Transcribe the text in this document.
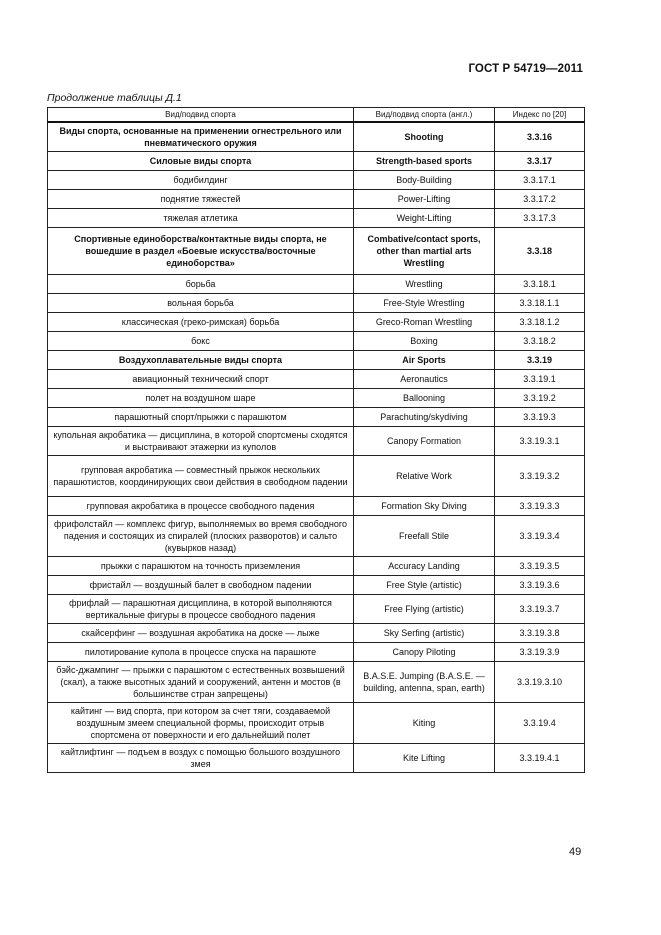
ГОСТ Р 54719—2011
Продолжение таблицы Д.1
Вид/подвид спорта	Вид/подвид спорта (англ.)	Индекс по [20]
Виды спорта, основанные на применении огнестрельного или пневматического оружия	Shooting	3.3.16
Силовые виды спорта	Strength-based sports	3.3.17
бодибилдинг	Body-Building	3.3.17.1
поднятие тяжестей	Power-Lifting	3.3.17.2
тяжелая атлетика	Weight-Lifting	3.3.17.3
Спортивные единоборства/контактные виды спорта, не вошедшие в раздел «Боевые искусства/восточные единоборства»	Combative/contact sports, other than martial arts Wrestling	3.3.18
борьба	Wrestling	3.3.18.1
вольная борьба	Free-Style Wrestling	3.3.18.1.1
классическая (греко-римская) борьба	Greco-Roman Wrestling	3.3.18.1.2
бокс	Boxing	3.3.18.2
Воздухоплавательные виды спорта	Air Sports	3.3.19
авиационный технический спорт	Aeronautics	3.3.19.1
полет на воздушном шаре	Ballooning	3.3.19.2
парашютный спорт/прыжки с парашютом	Parachuting/skydiving	3.3.19.3
купольная акробатика — дисциплина, в которой спортсмены сходятся и выстраивают этажерки из куполов	Canopy Formation	3.3.19.3.1
групповая акробатика — совместный прыжок нескольких парашютистов, координирующих свои действия в свободном падении	Relative Work	3.3.19.3.2
групповая акробатика в процессе свободного падения	Formation Sky Diving	3.3.19.3.3
фрифолстайл — комплекс фигур, выполняемых во время свободного падения и состоящих из спиралей (плоских разворотов) и сальто (кувырков назад)	Freefall Stile	3.3.19.3.4
прыжки с парашютом на точность приземления	Accuracy Landing	3.3.19.3.5
фристайл — воздушный балет в свободном падении	Free Style (artistic)	3.3.19.3.6
фрифлай — парашютная дисциплина, в которой выполняются вертикальные фигуры в процессе свободного падения	Free Flying (artistic)	3.3.19.3.7
скайсерфинг — воздушная акробатика на доске — лыже	Sky Serfing (artistic)	3.3.19.3.8
пилотирование купола в процессе спуска на парашюте	Canopy Piloting	3.3.19.3.9
бэйс-джампинг — прыжки с парашютом с естественных возвышений (скал), а также высотных зданий и сооружений, антенн и мостов (в большинстве стран запрещены)	B.A.S.E. Jumping (B.A.S.E. — building, antenna, span, earth)	3.3.19.3.10
кайтинг — вид спорта, при котором за счет тяги, создаваемой воздушным змеем специальной формы, происходит отрыв спортсмена от поверхности и его дальнейший полет	Kiting	3.3.19.4
кайтлифтинг — подъем в воздух с помощью большого воздушного змея	Kite Lifting	3.3.19.4.1
49
